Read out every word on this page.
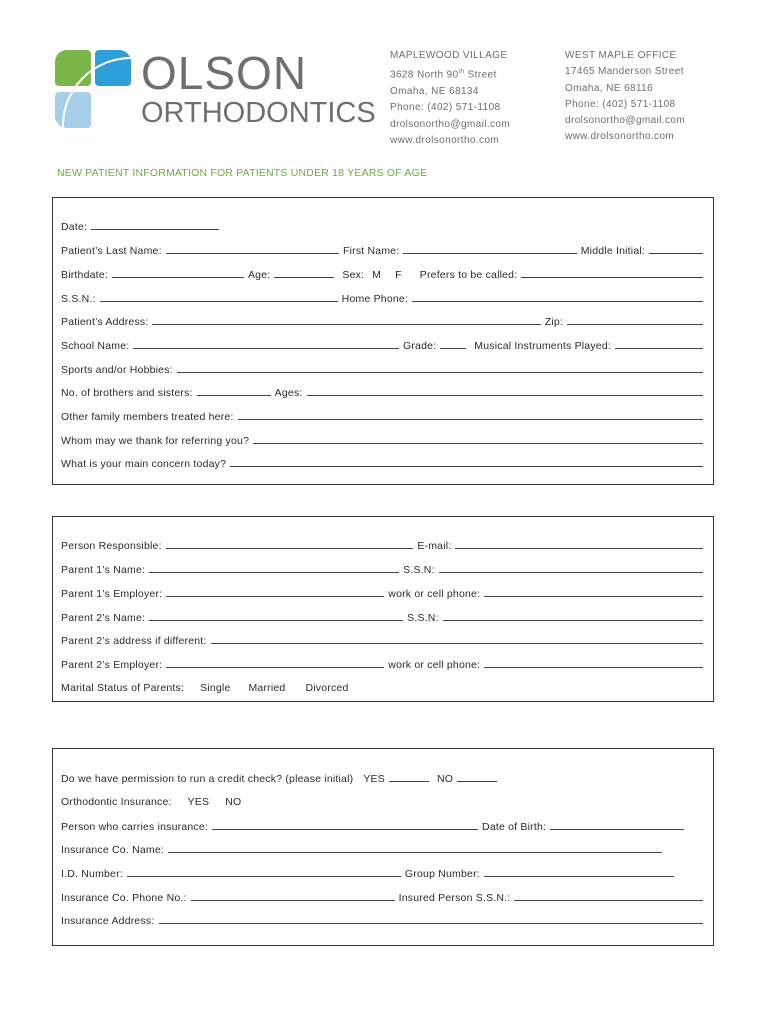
OLSON
ORTHODONTICS
MAPLEWOOD VILLAGE
3628 North 90th Street
Omaha, NE 68134
Phone: (402) 571-1108
drolsonortho@gmail.com
www.drolsonortho.com
WEST MAPLE OFFICE
17465 Manderson Street
Omaha, NE 68116
Phone: (402) 571-1108
drolsonortho@gmail.com
www.drolsonortho.com
NEW PATIENT INFORMATION FOR PATIENTS UNDER 18 YEARS OF AGE
Date:
Patient’s Last Name:	First Name:	Middle Initial:
Birthdate:	Age:	Sex: M F Prefers to be called:
S.S.N.:	Home Phone:
Patient’s Address:	Zip:
School Name:	Grade:	Musical Instruments Played:
Sports and/or Hobbies:
No. of brothers and sisters:	Ages:
Other family members treated here:
Whom may we thank for referring you?
What is your main concern today?
Person Responsible:	E-mail:
Parent 1’s Name:	S.S.N:
Parent 1’s Employer:	work or cell phone:
Parent 2’s Name:	S.S.N:
Parent 2’s address if different:
Parent 2’s Employer:	work or cell phone:
Marital Status of Parents: Single Married Divorced
Do we have permission to run a credit check? (please initial) YES	NO
Orthodontic Insurance: YES NO
Person who carries insurance:	Date of Birth:
Insurance Co. Name:
I.D. Number:	Group Number:
Insurance Co. Phone No.:	Insured Person S.S.N.:
Insurance Address:
